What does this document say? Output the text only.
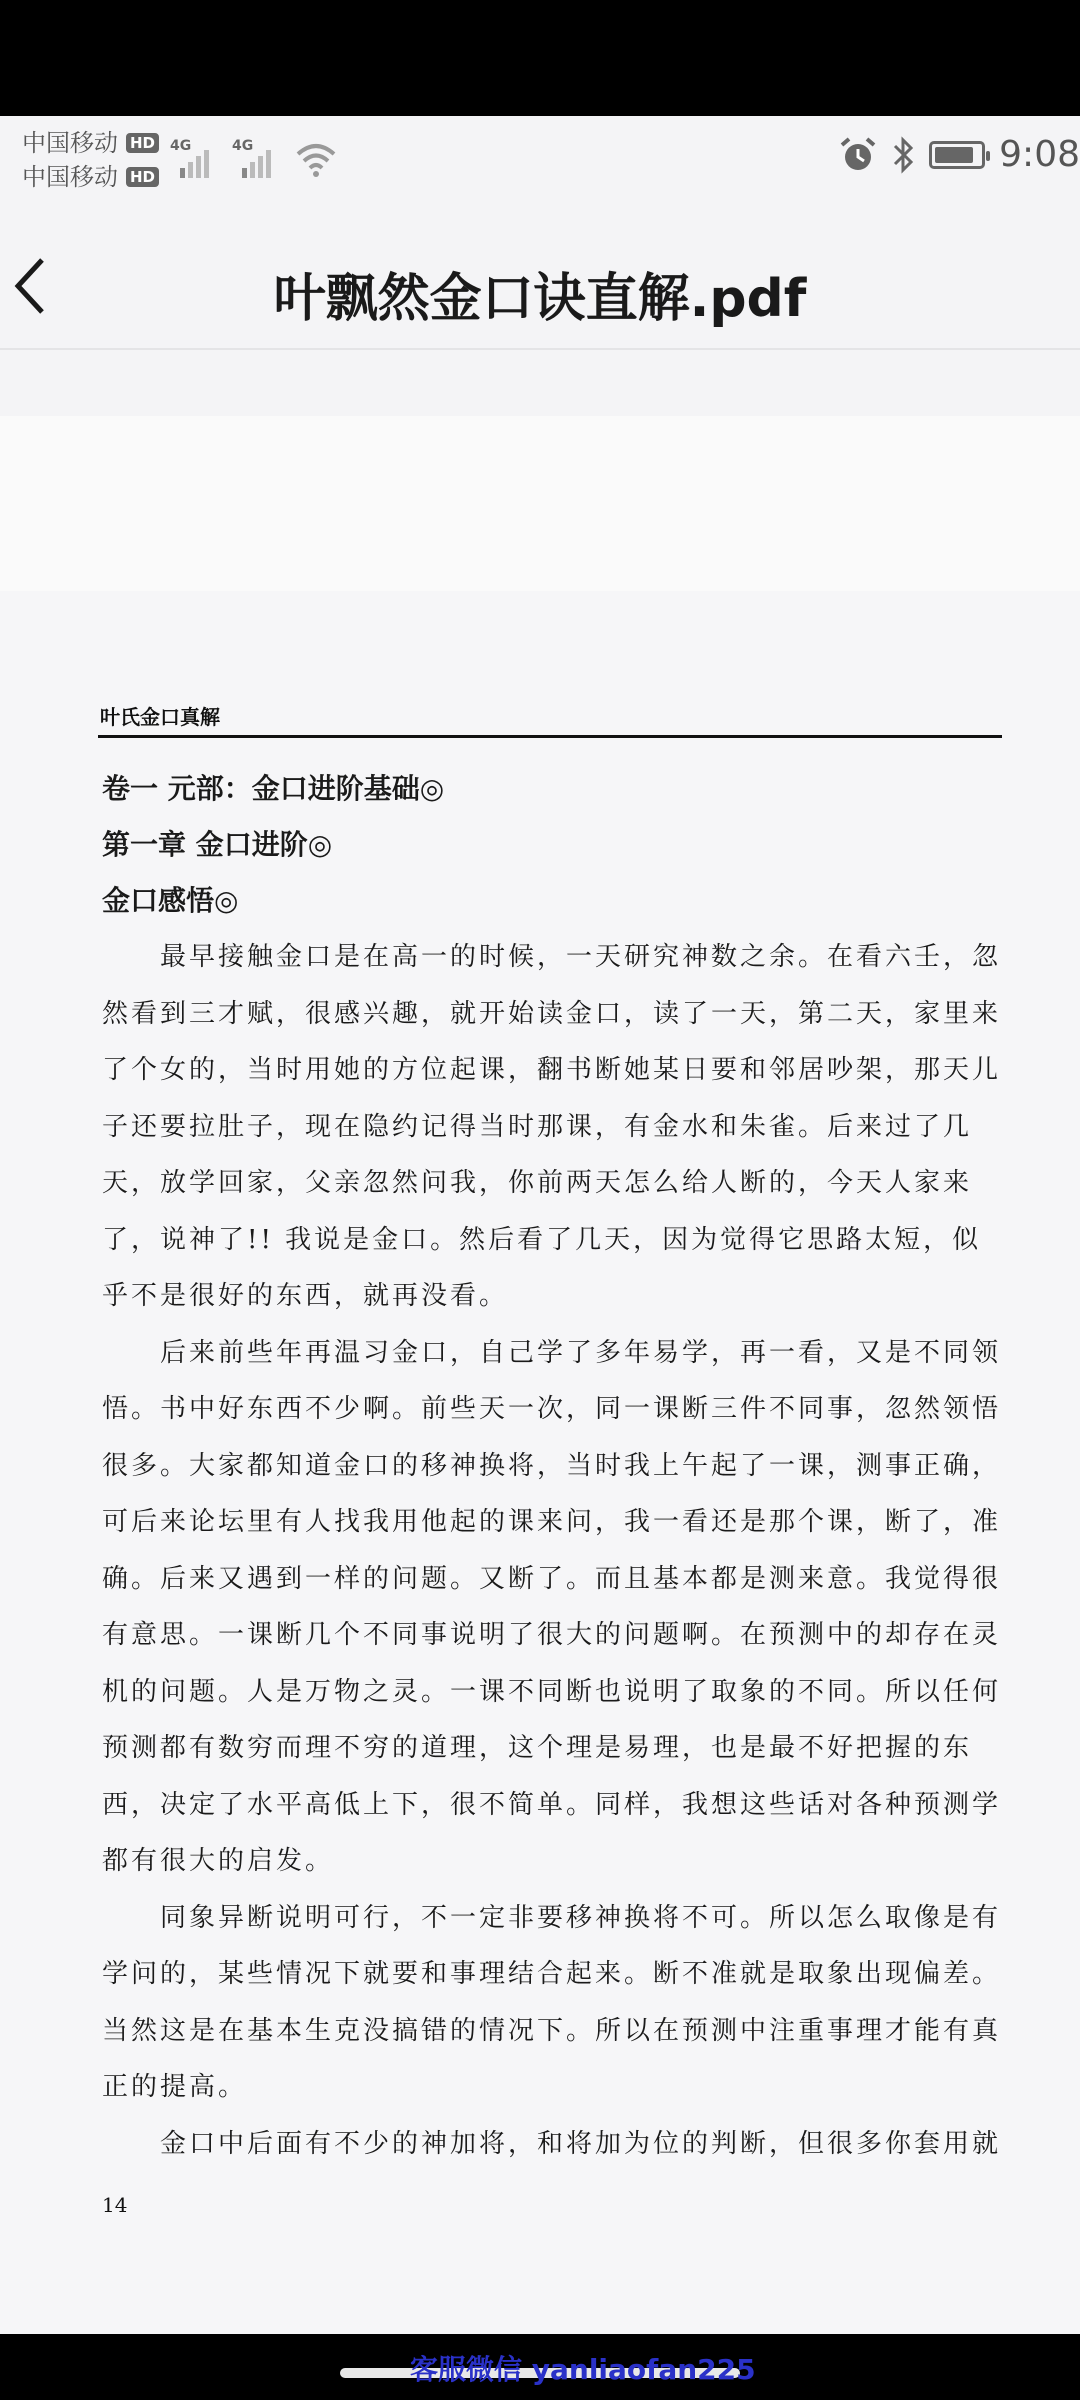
中国移动 HD
中国移动 HD
4G	4G	9:08
叶飘然金口诀直解.pdf
叶氏金口真解
卷一 元部：金口进阶基础◎
第一章 金口进阶◎
金口感悟◎

最早接触金口是在高一的时候，一天研究神数之余。在看六壬，忽然看到三才赋，很感兴趣，就开始读金口，读了一天，第二天，家里来了个女的，当时用她的方位起课，翻书断她某日要和邻居吵架，那天儿子还要拉肚子，现在隐约记得当时那课，有金水和朱雀。后来过了几天，放学回家，父亲忽然问我，你前两天怎么给人断的，今天人家来了，说神了!! 我说是金口。然后看了几天，因为觉得它思路太短，似乎不是很好的东西，就再没看。

后来前些年再温习金口，自己学了多年易学，再一看，又是不同领悟。书中好东西不少啊。前些天一次，同一课断三件不同事，忽然领悟很多。大家都知道金口的移神换将，当时我上午起了一课，测事正确，可后来论坛里有人找我用他起的课来问，我一看还是那个课，断了，准确。后来又遇到一样的问题。又断了。而且基本都是测来意。我觉得很有意思。一课断几个不同事说明了很大的问题啊。在预测中的却存在灵机的问题。人是万物之灵。一课不同断也说明了取象的不同。所以任何预测都有数穷而理不穷的道理，这个理是易理，也是最不好把握的东西，决定了水平高低上下，很不简单。同样，我想这些话对各种预测学都有很大的启发。

同象异断说明可行，不一定非要移神换将不可。所以怎么取像是有学问的，某些情况下就要和事理结合起来。断不准就是取象出现偏差。当然这是在基本生克没搞错的情况下。所以在预测中注重事理才能有真正的提高。

金口中后面有不少的神加将，和将加为位的判断，但很多你套用就

14
客服微信 yanliaofan225
